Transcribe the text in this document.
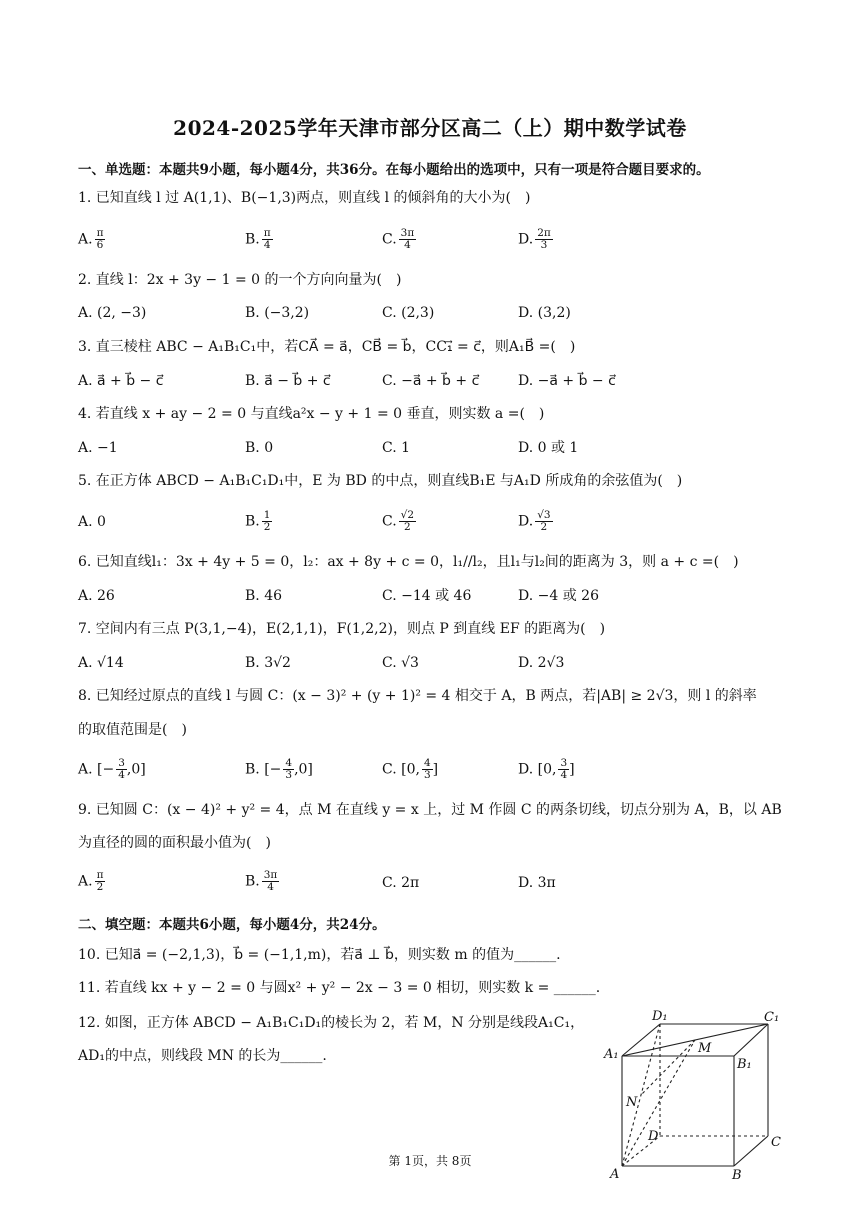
2024-2025学年天津市部分区高二（上）期中数学试卷
一、单选题：本题共9小题，每小题4分，共36分。在每小题给出的选项中，只有一项是符合题目要求的。
1. 已知直线 l 过 A(1,1)、B(−1,3)两点，则直线 l 的倾斜角的大小为(　)
A. $\frac{\pi}{6}$	B. $\frac{\pi}{4}$	C. $\frac{3\pi}{4}$	D. $\frac{2\pi}{3}$
2. 直线 l：2x + 3y − 1 = 0 的一个方向向量为(　)
A. (2, −3)	B. (−3,2)	C. (2,3)	D. (3,2)
3. 直三棱柱 ABC − A₁B₁C₁中，若CA⃗ = a⃗，CB⃗ = b⃗，CC₁⃗ = c⃗，则A₁B⃗ =(　)
A. a⃗ + b⃗ − c⃗	B. a⃗ − b⃗ + c⃗	C. −a⃗ + b⃗ + c⃗	D. −a⃗ + b⃗ − c⃗
4. 若直线 x + ay − 2 = 0 与直线a²x − y + 1 = 0 垂直，则实数 a =(　)
A. −1	B. 0	C. 1	D. 0 或 1
5. 在正方体 ABCD − A₁B₁C₁D₁中，E 为 BD 的中点，则直线B₁E 与A₁D 所成角的余弦值为(　)
A. 0	B. $\frac{1}{2}$	C. $\frac{√2}{2}$	D. $\frac{√3}{2}$
6. 已知直线l₁：3x + 4y + 5 = 0，l₂：ax + 8y + c = 0，l₁//l₂，且l₁与l₂间的距离为 3，则 a + c =(　)
A. 26	B. 46	C. −14 或 46	D. −4 或 26
7. 空间内有三点 P(3,1,−4)，E(2,1,1)，F(1,2,2)，则点 P 到直线 EF 的距离为(　)
A. √14	B. 3√2	C. √3	D. 2√3
8. 已知经过原点的直线 l 与圆 C：(x − 3)² + (y + 1)² = 4 相交于 A，B 两点，若|AB| ≥ 2√3，则 l 的斜率
的取值范围是(　)
A. [− $\frac{3}{4} ,0$]	B. [− $\frac{4}{3} ,0$]	C. [0, $\frac{4}{3}$ ]	D. [0, $\frac{3}{4}$ ]
9. 已知圆 C：(x − 4)² + y² = 4，点 M 在直线 y = x 上，过 M 作圆 C 的两条切线，切点分别为 A，B，以 AB
为直径的圆的面积最小值为(　)
A. $\frac{\pi}{2}$	B. $\frac{3\pi}{4}$	C. 2π	D. 3π
二、填空题：本题共6小题，每小题4分，共24分。
10. 已知a⃗ = (−2,1,3)，b⃗ = (−1,1,m)，若a⃗ ⊥ b⃗，则实数 m 的值为______.
11. 若直线 kx + y − 2 = 0 与圆x² + y² − 2x − 3 = 0 相切，则实数 k = ______.
12. 如图，正方体 ABCD − A₁B₁C₁D₁的棱长为 2，若 M，N 分别是线段A₁C₁，
AD₁的中点，则线段 MN 的长为______.
D₁	C₁
A₁	M
B₁
N
D	C
A	B
第 1页，共 8页
